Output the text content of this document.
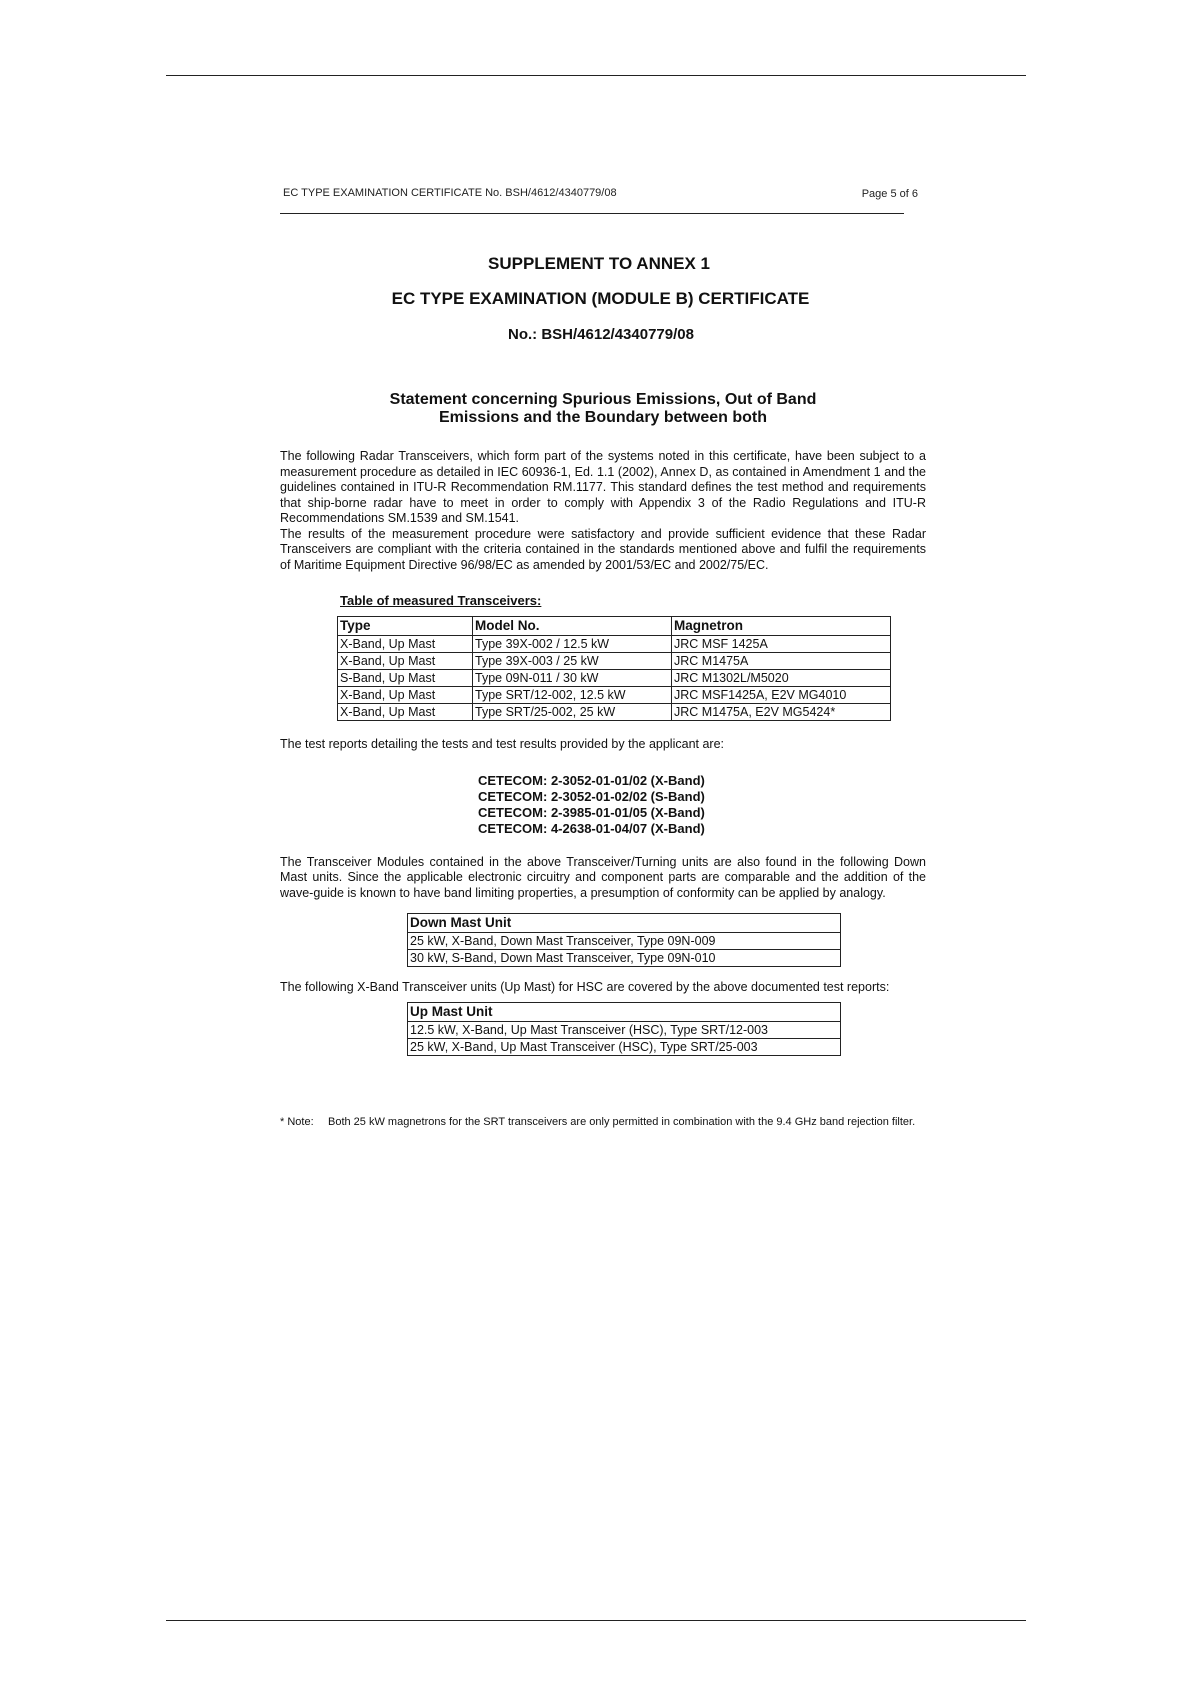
EC TYPE EXAMINATION CERTIFICATE No. BSH/4612/4340779/08	Page 5 of 6
SUPPLEMENT TO ANNEX 1
EC TYPE EXAMINATION (MODULE B) CERTIFICATE
No.: BSH/4612/4340779/08
Statement concerning Spurious Emissions, Out of Band
Emissions and the Boundary between both

The following Radar Transceivers, which form part of the systems noted in this certificate, have been subject to a measurement procedure as detailed in IEC 60936-1, Ed. 1.1 (2002), Annex D, as contained in Amendment 1 and the guidelines contained in ITU-R Recommendation RM.1177. This standard defines the test method and requirements that ship-borne radar have to meet in order to comply with Appendix 3 of the Radio Regulations and ITU-R Recommendations SM.1539 and SM.1541.

The results of the measurement procedure were satisfactory and provide sufficient evidence that these Radar Transceivers are compliant with the criteria contained in the standards mentioned above and fulfil the requirements of Maritime Equipment Directive 96/98/EC as amended by 2001/53/EC and 2002/75/EC.

Table of measured Transceivers:
Type	Model No.	Magnetron
X-Band, Up Mast	Type 39X-002 / 12.5 kW	JRC MSF 1425A
X-Band, Up Mast	Type 39X-003 / 25 kW	JRC M1475A
S-Band, Up Mast	Type 09N-011 / 30 kW	JRC M1302L/M5020
X-Band, Up Mast	Type SRT/12-002, 12.5 kW	JRC MSF1425A, E2V MG4010
X-Band, Up Mast	Type SRT/25-002, 25 kW	JRC M1475A, E2V MG5424*

The test reports detailing the tests and test results provided by the applicant are:

CETECOM: 2-3052-01-01/02 (X-Band)
CETECOM: 2-3052-01-02/02 (S-Band)
CETECOM: 2-3985-01-01/05 (X-Band)
CETECOM: 4-2638-01-04/07 (X-Band)

The Transceiver Modules contained in the above Transceiver/Turning units are also found in the following Down Mast units. Since the applicable electronic circuitry and component parts are comparable and the addition of the wave-guide is known to have band limiting properties, a presumption of conformity can be applied by analogy.

Down Mast Unit
25 kW, X-Band, Down Mast Transceiver, Type 09N-009
30 kW, S-Band, Down Mast Transceiver, Type 09N-010

The following X-Band Transceiver units (Up Mast) for HSC are covered by the above documented test reports:

Up Mast Unit
12.5 kW, X-Band, Up Mast Transceiver (HSC), Type SRT/12-003
25 kW, X-Band, Up Mast Transceiver (HSC), Type SRT/25-003
* Note:	Both 25 kW magnetrons for the SRT transceivers are only permitted in combination with the 9.4 GHz band rejection filter.
